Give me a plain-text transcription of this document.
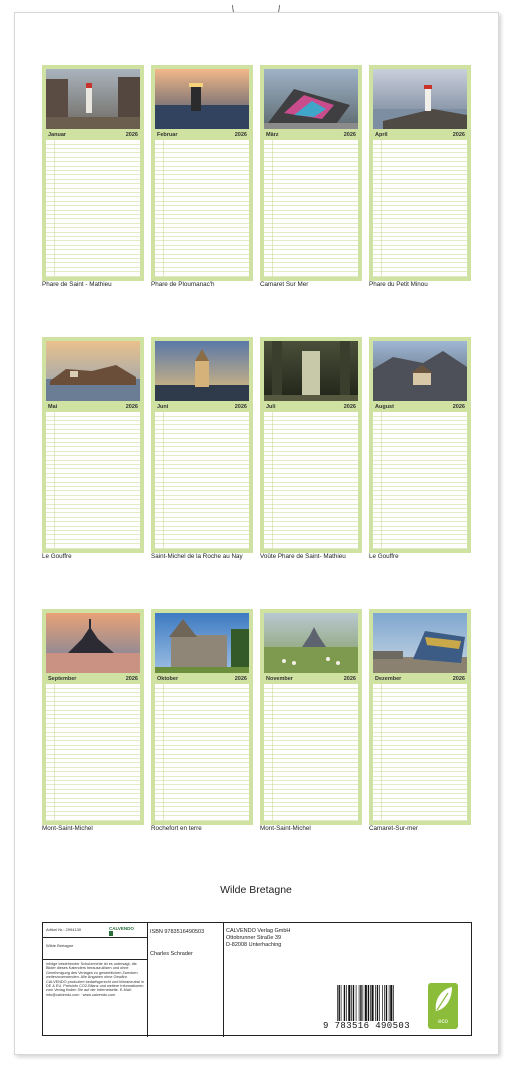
Januar	2026
Phare de Saint - Mathieu
Februar	2026
Phare de Ploumanac'h
März	2026
Camaret Sur Mer
April	2026
Phare du Petit Minou
Mai	2026
Le Gouffre
Juni	2026
Saint-Michel de la Roche au Nay
Juli	2026
Voûte Phare de Saint- Mathieu
August	2026
Le Gouffre
September	2026
Mont-Saint-Michel
Oktober	2026
Rochefort en terre
November	2026
Mont-Saint-Michel
Dezember	2026
Camaret-Sur-mer
Wilde Bretagne
Artikel Nr.: 2994130	CALVENDO
Wilde Bretagne
Infolge bestehender Schutzrechte ist es untersagt, die Bilder dieses Kalenders herauszulösen und ohne Genehmigung des Verlages zu gewerblichen Zwecken weiterzuverwenden. Alle Angaben ohne Gewähr. CALVENDO produziert bedarfsgerecht und klimaneutral in DE & EU. Preisinfo CO2-Bilanz und weitere Informationen zum Verlag finden Sie auf der Internetseite. E-Mail: info@calvendo.com · www.calvendo.com
ISBN 9783516490503
Charles Schrader
CALVENDO Verlag GmbH
Ottobrunner Straße 39
D-82008 Unterhaching
9 783516 490503	eco
